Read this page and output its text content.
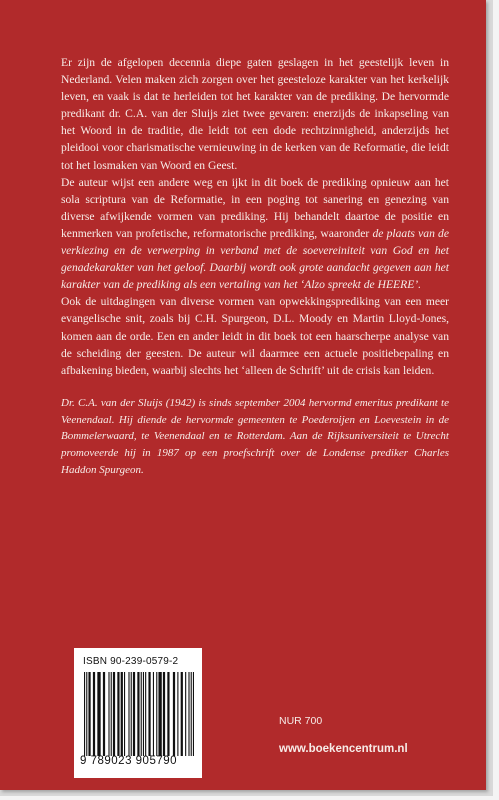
Er zijn de afgelopen decennia diepe gaten geslagen in het geestelijk leven in Nederland. Velen maken zich zorgen over het geesteloze karakter van het kerkelijk leven, en vaak is dat te herleiden tot het karakter van de prediking. De hervormde predikant dr. C.A. van der Sluijs ziet twee gevaren: enerzijds de inkapseling van het Woord in de traditie, die leidt tot een dode rechtzinnigheid, anderzijds het pleidooi voor charismatische vernieuwing in de kerken van de Reformatie, die leidt tot het losmaken van Woord en Geest.

De auteur wijst een andere weg en ijkt in dit boek de prediking opnieuw aan het sola scriptura van de Reformatie, in een poging tot sanering en genezing van diverse afwijkende vormen van prediking. Hij behandelt daartoe de positie en kenmerken van profetische, reformatorische prediking, waaronder de plaats van de verkiezing en de verwerping in verband met de soevereiniteit van God en het genadekarakter van het geloof. Daarbij wordt ook grote aandacht gegeven aan het karakter van de prediking als een vertaling van het ‘Alzo spreekt de HEERE’.

Ook de uitdagingen van diverse vormen van opwekkingsprediking van een meer evangelische snit, zoals bij C.H. Spurgeon, D.L. Moody en Martin Lloyd-Jones, komen aan de orde. Een en ander leidt in dit boek tot een haarscherpe analyse van de scheiding der geesten. De auteur wil daarmee een actuele positiebepaling en afbakening bieden, waarbij slechts het ‘alleen de Schrift’ uit de crisis kan leiden.

Dr. C.A. van der Sluijs (1942) is sinds september 2004 hervormd emeritus predikant te Veenendaal. Hij diende de hervormde gemeenten te Poederoijen en Loevestein in de Bommelerwaard, te Veenendaal en te Rotterdam. Aan de Rijksuniversiteit te Utrecht promoveerde hij in 1987 op een proefschrift over de Londense prediker Charles Haddon Spurgeon.

ISBN 90-239-0579-2
9 789023 905790
NUR 700
www.boekencentrum.nl
